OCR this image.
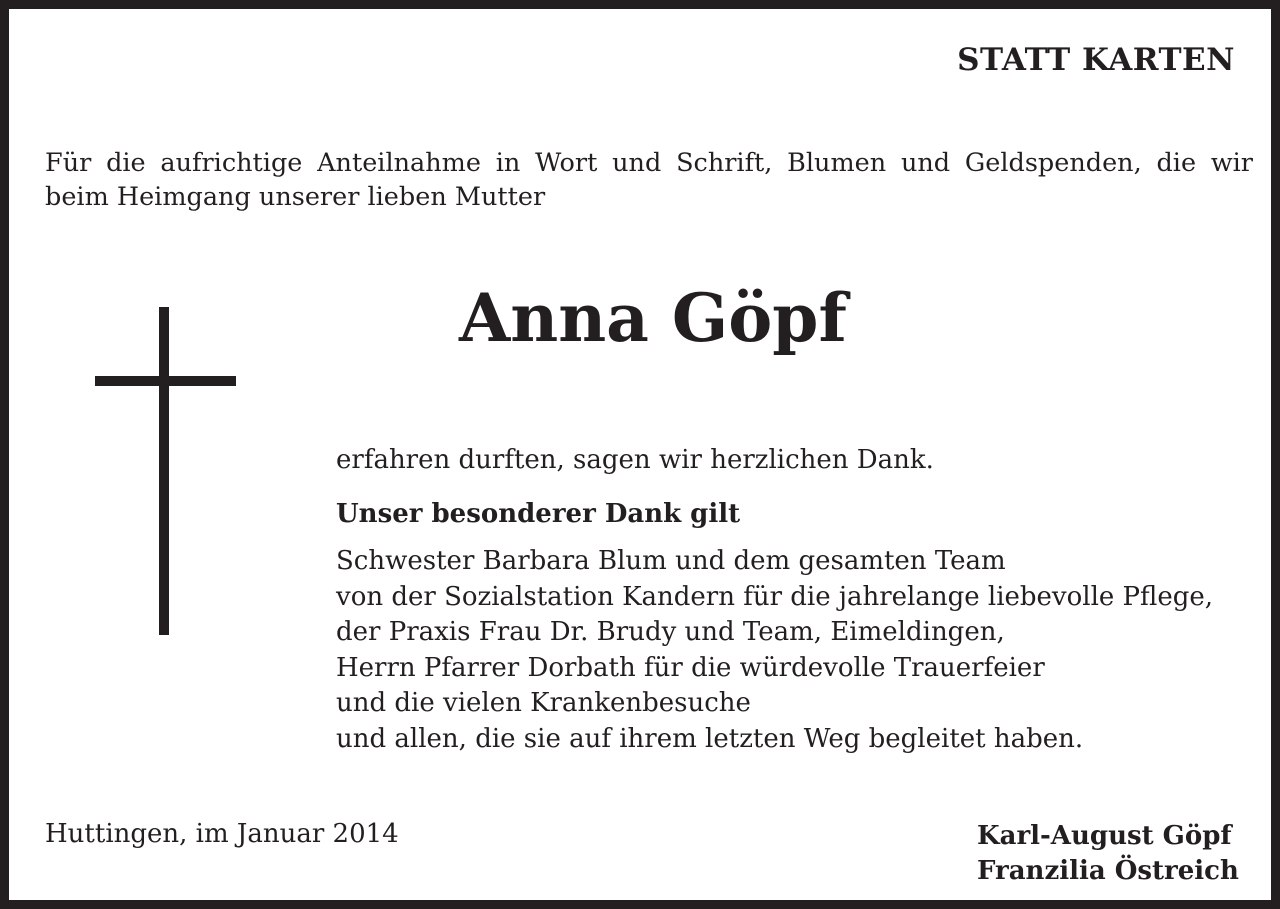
STATT KARTEN
Für die aufrichtige Anteilnahme in Wort und Schrift, Blumen und Geldspenden, die wir
beim Heimgang unserer lieben Mutter
Anna Göpf
erfahren durften, sagen wir herzlichen Dank.
Unser besonderer Dank gilt
Schwester Barbara Blum und dem gesamten Team
von der Sozialstation Kandern für die jahrelange liebevolle Pflege,
der Praxis Frau Dr. Brudy und Team, Eimeldingen,
Herrn Pfarrer Dorbath für die würdevolle Trauerfeier
und die vielen Krankenbesuche
und allen, die sie auf ihrem letzten Weg begleitet haben.
Huttingen, im Januar 2014	Karl-August Göpf
Franzilia Östreich
